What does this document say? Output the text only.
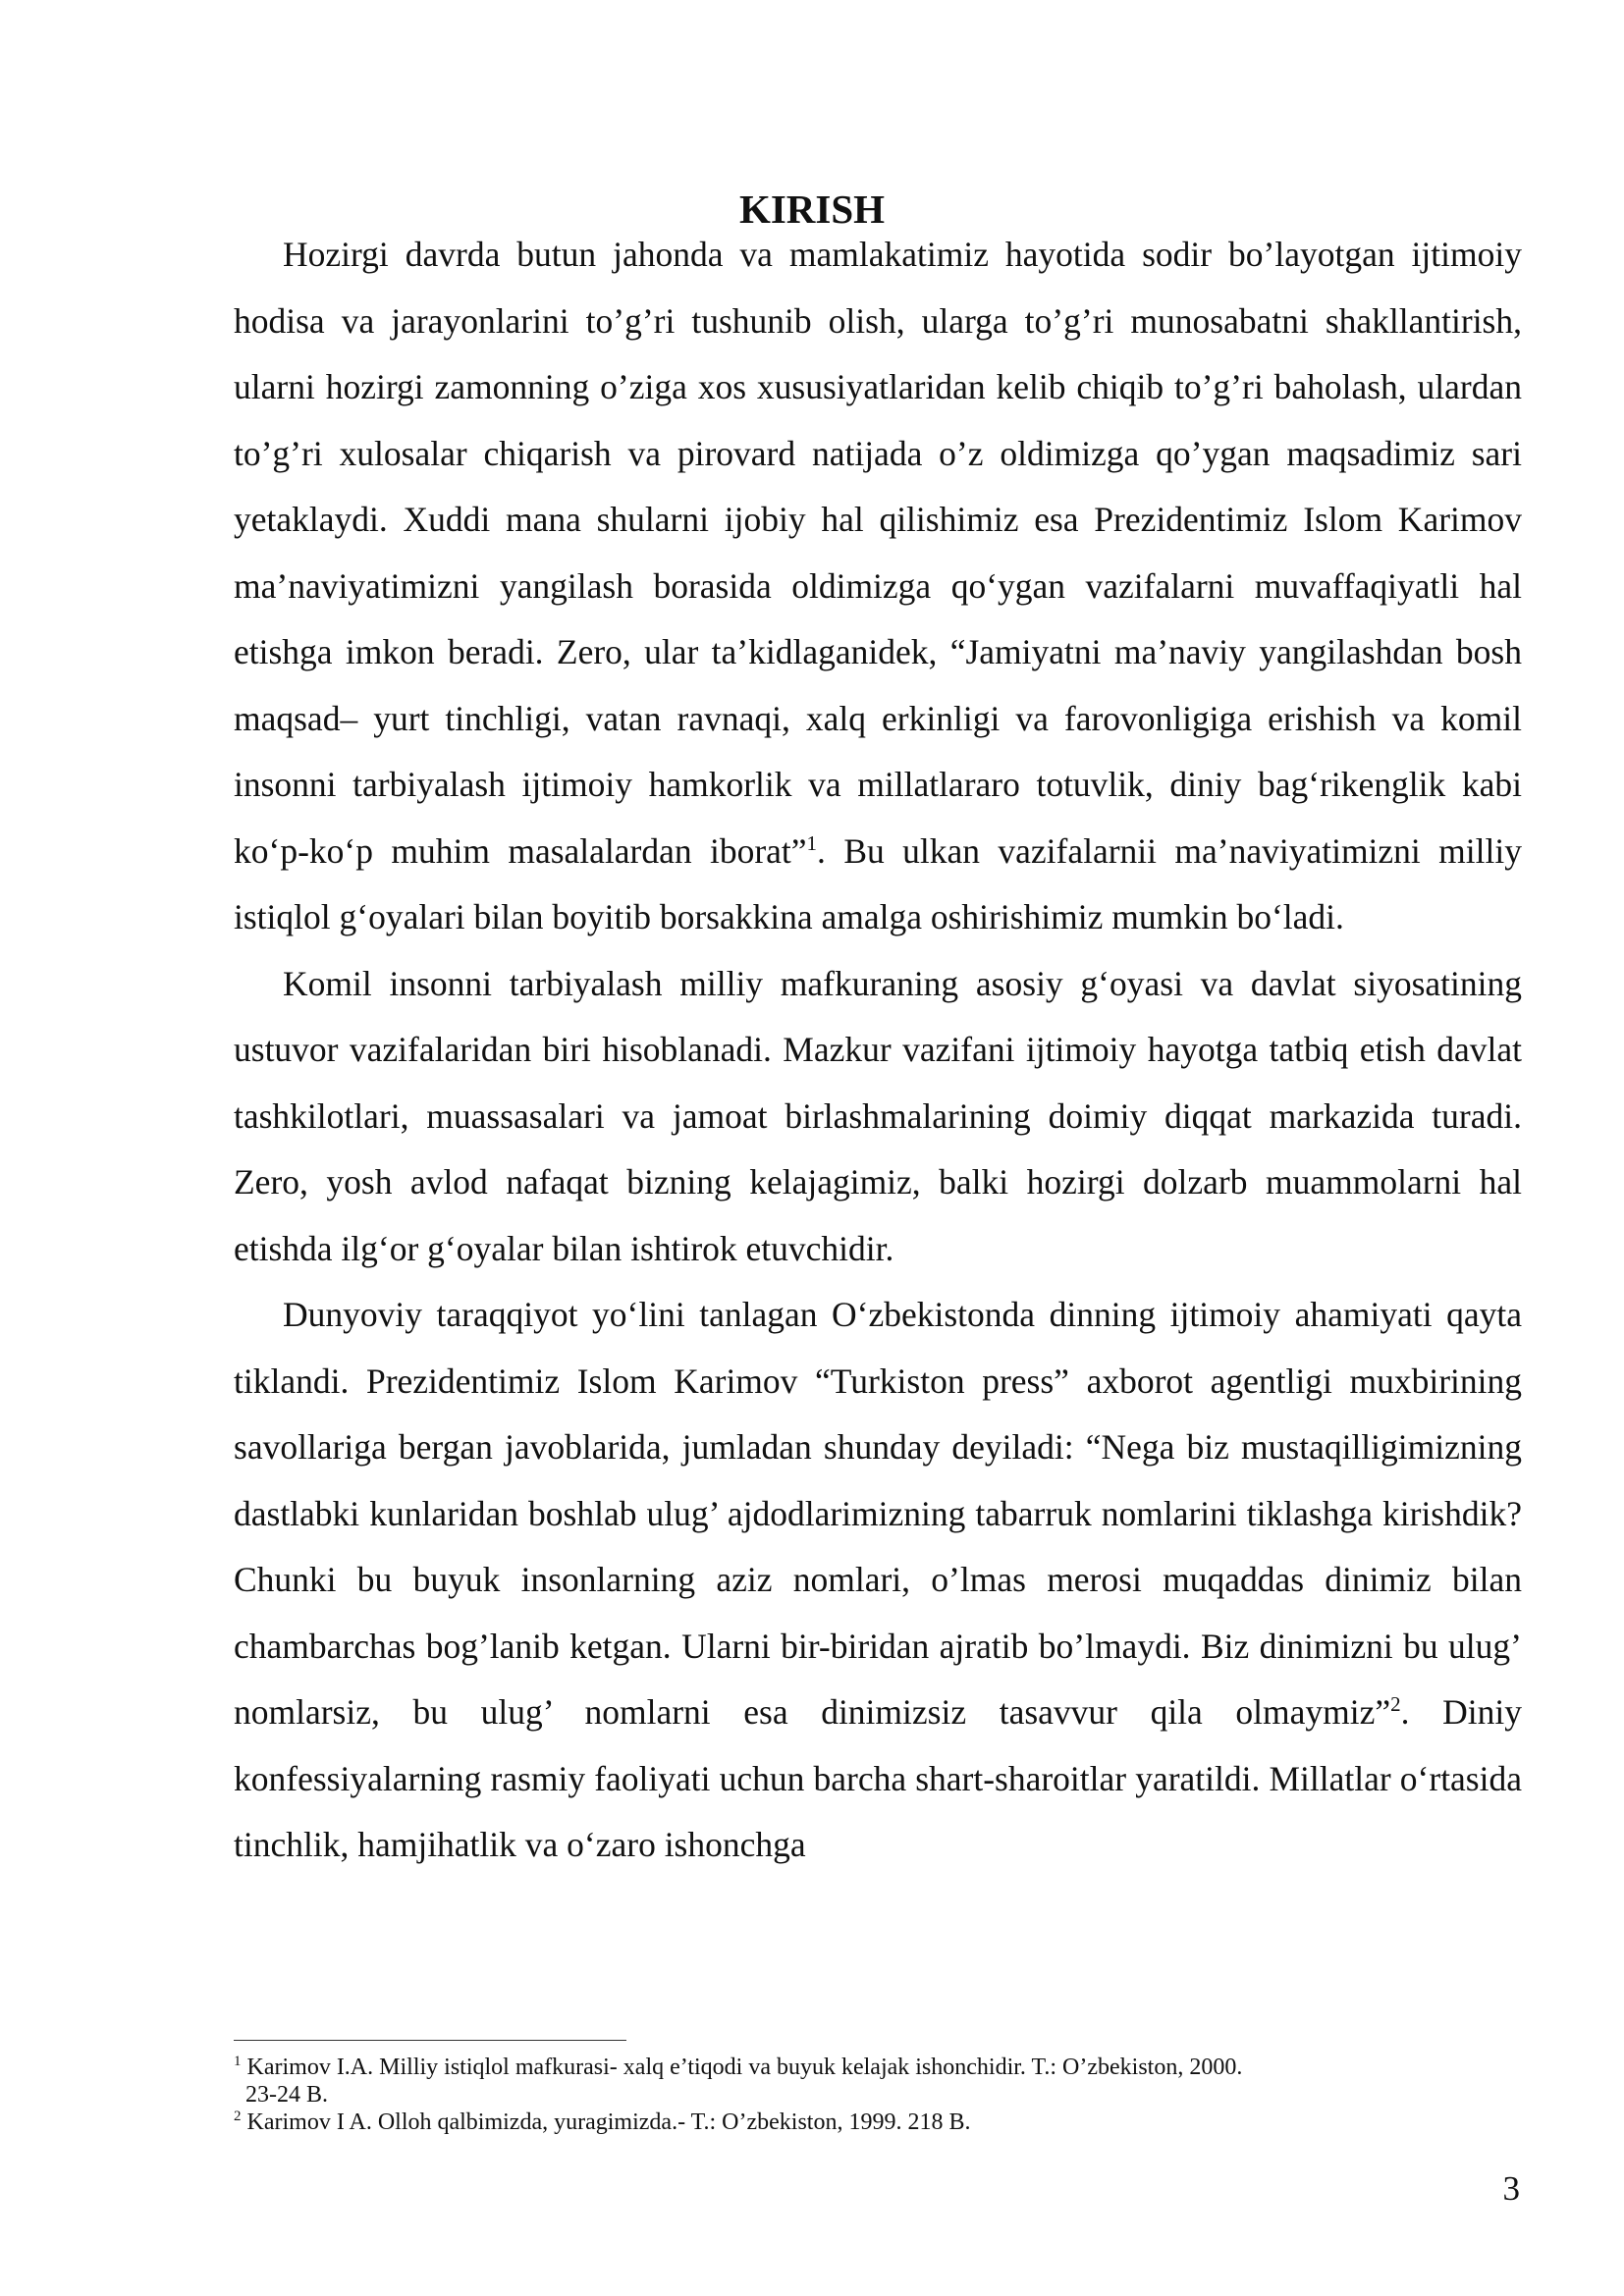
KIRISH

Hozirgi davrda butun jahonda va mamlakatimiz hayotida sodir bo’layotgan ijtimoiy hodisa va jarayonlarini to’g’ri tushunib olish, ularga to’g’ri munosabatni shakllantirish, ularni hozirgi zamonning o’ziga xos xususiyatlaridan kelib chiqib to’g’ri baholash, ulardan to’g’ri xulosalar chiqarish va pirovard natijada o’z oldimizga qo’ygan maqsadimiz sari yetaklaydi. Xuddi mana shularni ijobiy hal qilishimiz esa Prezidentimiz Islom Karimov ma’naviyatimizni yangilash borasida oldimizga qo‘ygan vazifalarni muvaffaqiyatli hal etishga imkon beradi. Zero, ular ta’kidlaganidek, “Jamiyatni ma’naviy yangilashdan bosh maqsad– yurt tinchligi, vatan ravnaqi, xalq erkinligi va farovonligiga erishish va komil insonni tarbiyalash ijtimoiy hamkorlik va millatlararo totuvlik, diniy bag‘rikenglik kabi ko‘p-ko‘p muhim masalalardan iborat”$^1$. Bu ulkan vazifalarnii ma’naviyatimizni milliy istiqlol g‘oyalari bilan boyitib borsakkina amalga oshirishimiz mumkin bo‘ladi.

Komil insonni tarbiyalash milliy mafkuraning asosiy g‘oyasi va davlat siyosatining ustuvor vazifalaridan biri hisoblanadi. Mazkur vazifani ijtimoiy hayotga tatbiq etish davlat tashkilotlari, muassasalari va jamoat birlashmalarining doimiy diqqat markazida turadi. Zero, yosh avlod nafaqat bizning kelajagimiz, balki hozirgi dolzarb muammolarni hal etishda ilg‘or g‘oyalar bilan ishtirok etuvchidir.

Dunyoviy taraqqiyot yo‘lini tanlagan O‘zbekistonda dinning ijtimoiy ahamiyati qayta tiklandi. Prezidentimiz Islom Karimov “Turkiston press” axborot agentligi muxbirining savollariga bergan javoblarida, jumladan shunday deyiladi: “Nega biz mustaqilligimizning dastlabki kunlaridan boshlab ulug’ ajdodlarimizning tabarruk nomlarini tiklashga kirishdik? Chunki bu buyuk insonlarning aziz nomlari, o’lmas merosi muqaddas dinimiz bilan chambarchas bog’lanib ketgan. Ularni bir-biridan ajratib bo’lmaydi. Biz dinimizni bu ulug’ nomlarsiz, bu ulug’ nomlarni esa dinimizsiz tasavvur qila olmaymiz”$^2$. Diniy konfessiyalarning rasmiy faoliyati uchun barcha shart-sharoitlar yaratildi. Millatlar o‘rtasida tinchlik, hamjihatlik va o‘zaro ishonchga

$^1$ Karimov I.A. Milliy istiqlol mafkurasi- xalq e’tiqodi va buyuk kelajak ishonchidir. T.: O’zbekiston, 2000.

23-24 B.

$^2$ Karimov I A. Olloh qalbimizda, yuragimizda.- T.: O’zbekiston, 1999. 218 B.

3
